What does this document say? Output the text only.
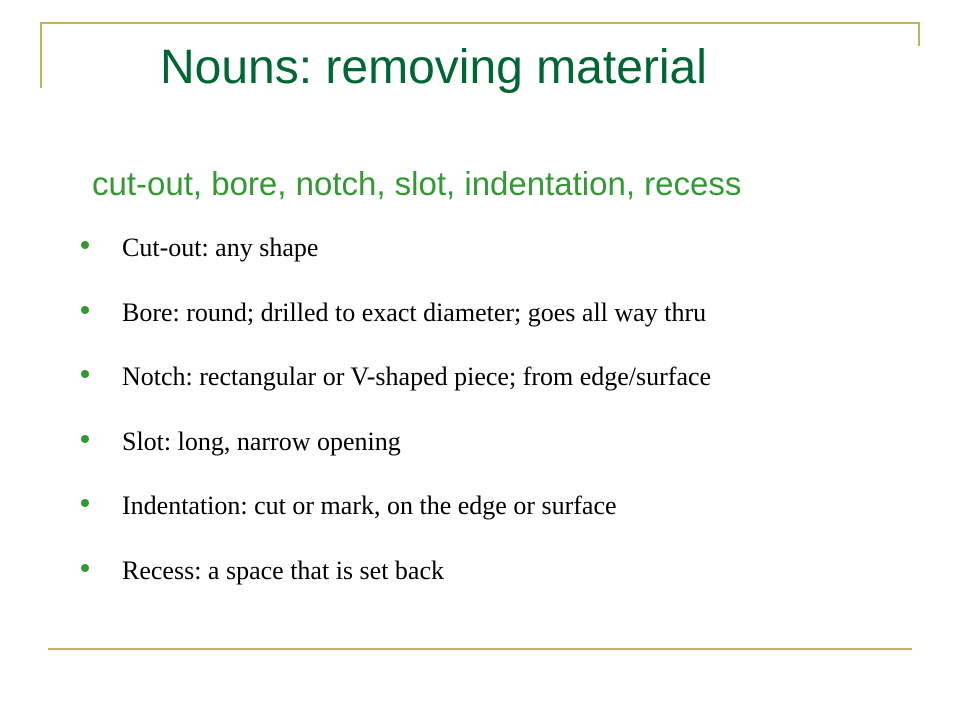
Nouns: removing material
cut-out, bore, notch, slot, indentation, recess
Cut-out: any shape
Bore: round; drilled to exact diameter; goes all way thru
Notch: rectangular or V-shaped piece; from edge/surface
Slot: long, narrow opening
Indentation: cut or mark, on the edge or surface
Recess: a space that is set back
